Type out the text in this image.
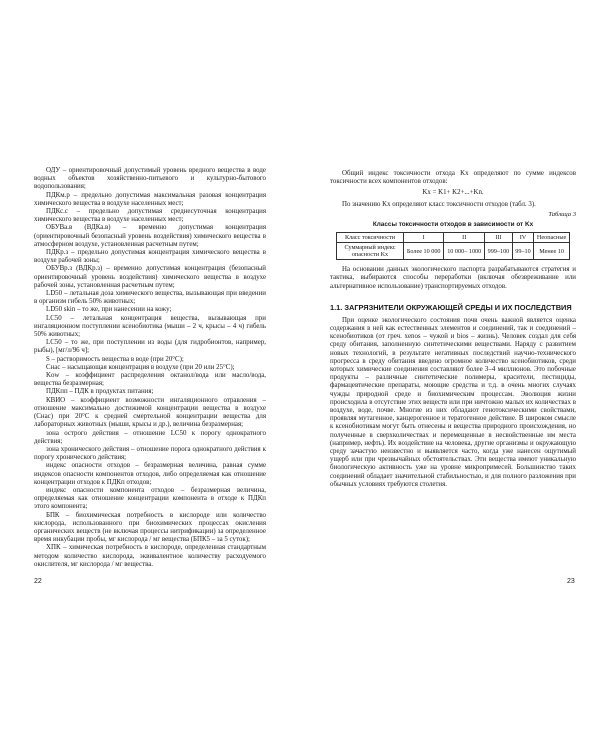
ОДУ – ориентировочный допустимый уровень вредного вещества в воде водных объектов хозяйственно-питьевого и культурно-бытового водопользования;

ПДКм.р – предельно допустимая максимальная разовая концентрация химического вещества в воздухе населенных мест;

ПДКс.с – предельно допустимая среднесуточная концентрация химического вещества в воздухе населенных мест;

ОБУВа.в (ВДКа.в) – временно допустимая концентрация (ориентировочный безопасный уровень воздействия) химического вещества в атмосферном воздухе, установленная расчетным путем;

ПДКр.з – предельно допустимая концентрация химического вещества в воздухе рабочей зоны;

ОБУВр.з (ВДКр.з) – временно допустимая концентрация (безопасный ориентировочный уровень воздействия) химического вещества в воздухе рабочей зоны, установленная расчетным путем;

LD50 – летальная доза химического вещества, вызывающая при введении в организм гибель 50% животных;

LD50 skin – то же, при нанесении на кожу;

LC50 – летальная концентрация вещества, вызывающая при ингаляционном поступлении ксенобиотика (мыши – 2 ч, крысы – 4 ч) гибель 50% животных;

LC50 – то же, при поступлении из воды (для гидробионтов, например, рыбы), [мг/л/96 ч];

S – растворимость вещества в воде (при 20°С);

Снас – насыщающая концентрация в воздухе (при 20 или 25°С);

Kow – коэффициент распределения октанол/вода или масло/вода, вещества безразмерная;

ПДКпп – ПДК в продуктах питания;

КВИО – коэффициент возможности ингаляционного отравления – отношение максимально достижимой концентрации вещества в воздухе (Снас) при 20°С к средней смертельной концентрации вещества для лабораторных животных (мыши, крысы и др.), величина безразмерная;

зона острого действия – отношение LC50 к порогу однократного действия;

зона хронического действия – отношение порога однократного действия к порогу хронического действия;

индекс опасности отходов – безразмерная величина, равная сумме индексов опасности компонентов отходов, либо определяемая как отношение концентрации отходов к ПДКп отходов;

индекс опасности компонента отходов – безразмерная величина, определяемая как отношение концентрации компонента в отходе к ПДКп этого компонента;

БПК – биохимическая потребность в кислороде или количество кислорода, использованного при биохимических процессах окисления органических веществ (не включая процессы нитрификации) за определенное время инкубации пробы, мг кислорода / мг вещества (БПК5 – за 5 суток);

ХПК – химическая потребность в кислороде, определенная стандартным методом количество кислорода, эквивалентное количеству расходуемого окислителя, мг кислорода / мг вещества.

22

Общий индекс токсичности отхода Kх определяют по сумме индексов токсичности всех компонентов отходов:

Kх = K1+ K2+...+Kn.

По значению Kх определяют класс токсичности отходов (табл. 3).

Таблица 3
Классы токсичности отходов в зависимости от Kх
Класс токсичности	I	II	III	IV	Неопасные
Суммарный индекс опасности Kх	Более 10 000	10 000– 1000	999–100	99–10	Менее 10

На основании данных экологического паспорта разрабатываются стратегия и тактика, выбираются способы переработки (включая обезвреживание или альтернативное использование) транспортируемых отходов.

1.1. ЗАГРЯЗНИТЕЛИ ОКРУЖАЮЩЕЙ СРЕДЫ И ИХ ПОСЛЕДСТВИЯ

При оценке экологического состояния почв очень важной является оценка содержания в ней как естественных элементов и соединений, так и соединений – ксенобиотиков (от греч. xenos – чужой и bios – жизнь). Человек создал для себя среду обитания, заполненную синтетическими веществами. Наряду с развитием новых технологий, в результате негативных последствий научно-технического прогресса в среду обитания введено огромное количество ксенобиотиков, среди которых химические соединения составляют более 3–4 миллионов. Это побочные продукты – различные синтетические полимеры, красители, пестициды, фармацевтические препараты, моющие средства и т.д. в очень многих случаях чужды природной среде и биохимическим процессам. Эволюция жизни происходила в отсутствие этих веществ или при ничтожно малых их количествах в воздухе, воде, почве. Многие из них обладают генотоксическими свойствами, проявляя мутагенное, канцерогенное и тератогенное действие. В широком смысле к ксенобиотикам могут быть отнесены и вещества природного происхождения, но полученные в сверхколичествах и перемещенные в несвойственные им места (например, нефть). Их воздействие на человека, другие организмы и окружающую среду зачастую неизвестно и выявляется часто, когда уже нанесен ощутимый ущерб или при чрезвычайных обстоятельствах. Эти вещества имеют уникальную биологическую активность уже на уровне микропримесей. Большинство таких соединений обладает значительной стабильностью, и для полного разложения при обычных условиях требуются столетия.

23
